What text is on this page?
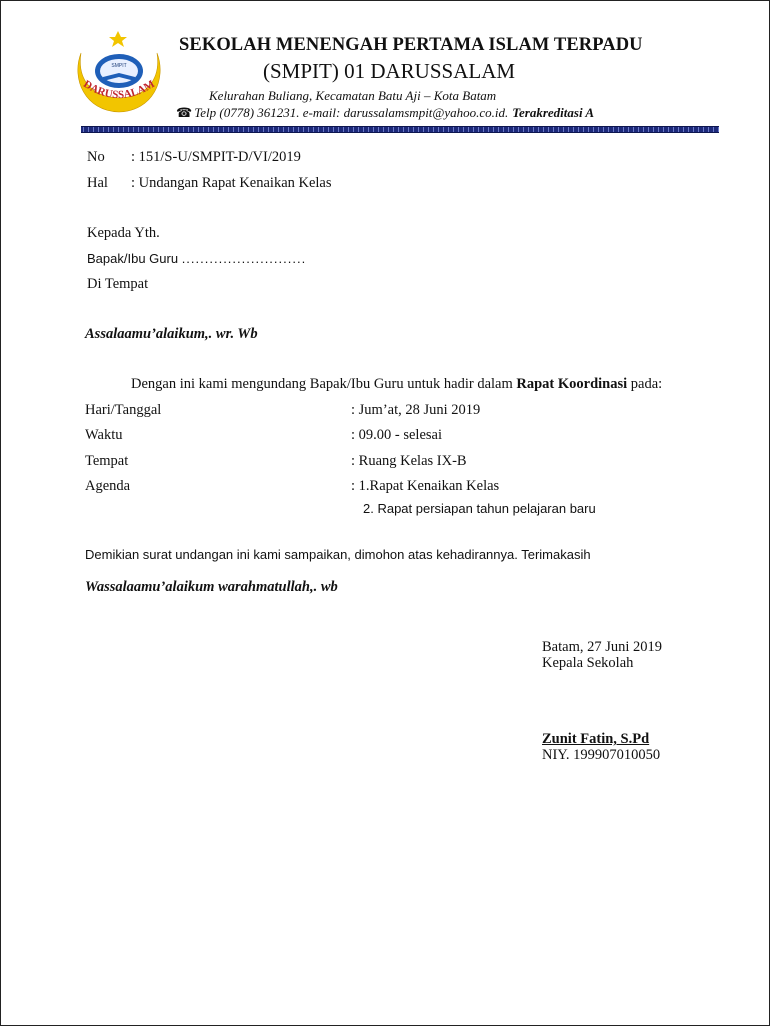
SMPIT
DARUSSALAM
SEKOLAH MENENGAH PERTAMA ISLAM TERPADU
(SMPIT) 01 DARUSSALAM
Kelurahan Buliang, Kecamatan Batu Aji – Kota Batam
☎ Telp (0778) 361231. e-mail: darussalamsmpit@yahoo.co.id. Terakreditasi A
No : 151/S-U/SMPIT-D/VI/2019
Hal : Undangan Rapat Kenaikan Kelas
Kepada Yth.
Bapak/Ibu Guru ...........................
Di Tempat
Assalaamu’alaikum,. wr. Wb
Dengan ini kami mengundang Bapak/Ibu Guru untuk hadir dalam Rapat Koordinasi pada:
Hari/Tanggal	: Jum’at, 28 Juni 2019
Waktu	: 09.00 - selesai
Tempat	: Ruang Kelas IX-B
Agenda	: 1.Rapat Kenaikan Kelas
2. Rapat persiapan tahun pelajaran baru
Demikian surat undangan ini kami sampaikan, dimohon atas kehadirannya. Terimakasih
Wassalaamu’alaikum warahmatullah,. wb
Batam, 27 Juni 2019
Kepala Sekolah
Zunit Fatin, S.Pd
NIY. 199907010050
